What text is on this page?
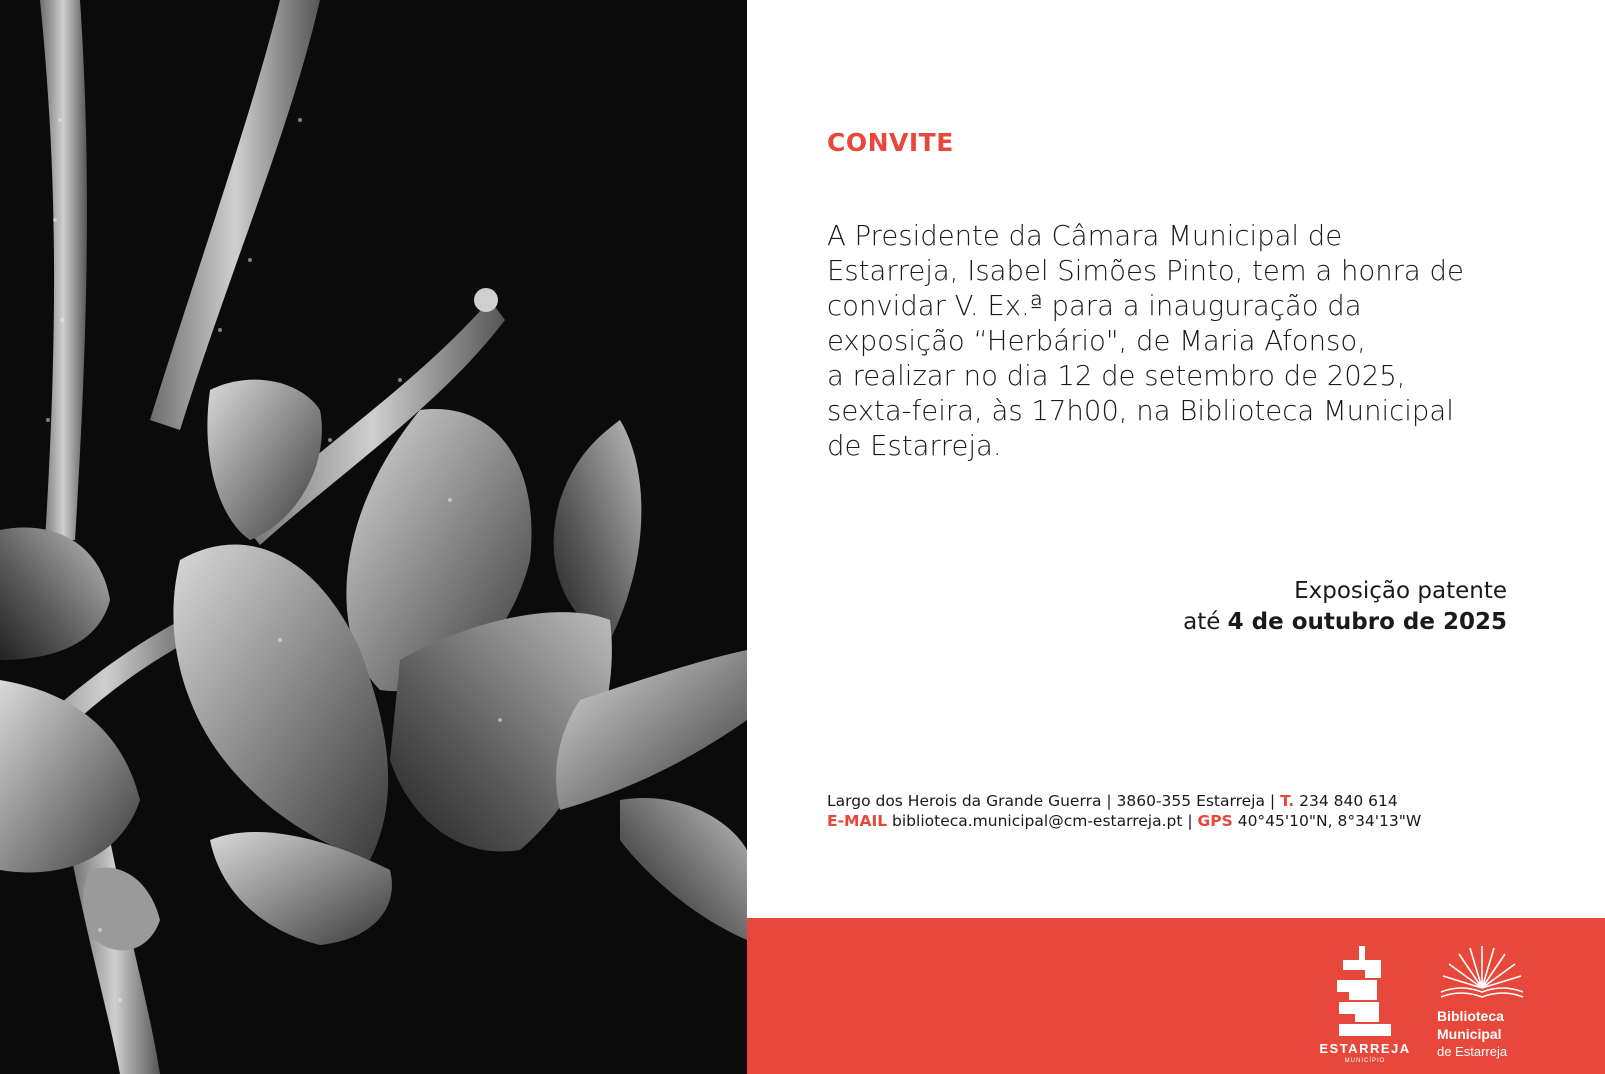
CONVITE
A Presidente da Câmara Municipal de
Estarreja, Isabel Simões Pinto, tem a honra de
convidar V. Ex.ª para a inauguração da
exposição “Herbário", de Maria Afonso,
a realizar no dia 12 de setembro de 2025,
sexta-feira, às 17h00, na Biblioteca Municipal
de Estarreja.
Exposição patente
até 4 de outubro de 2025
Largo dos Herois da Grande Guerra | 3860-355 Estarreja | T. 234 840 614
E-MAIL biblioteca.municipal@cm-estarreja.pt | GPS 40°45'10"N, 8°34'13"W
ESTARREJA
MUNICÍPIO
Biblioteca
Municipal
de Estarreja
